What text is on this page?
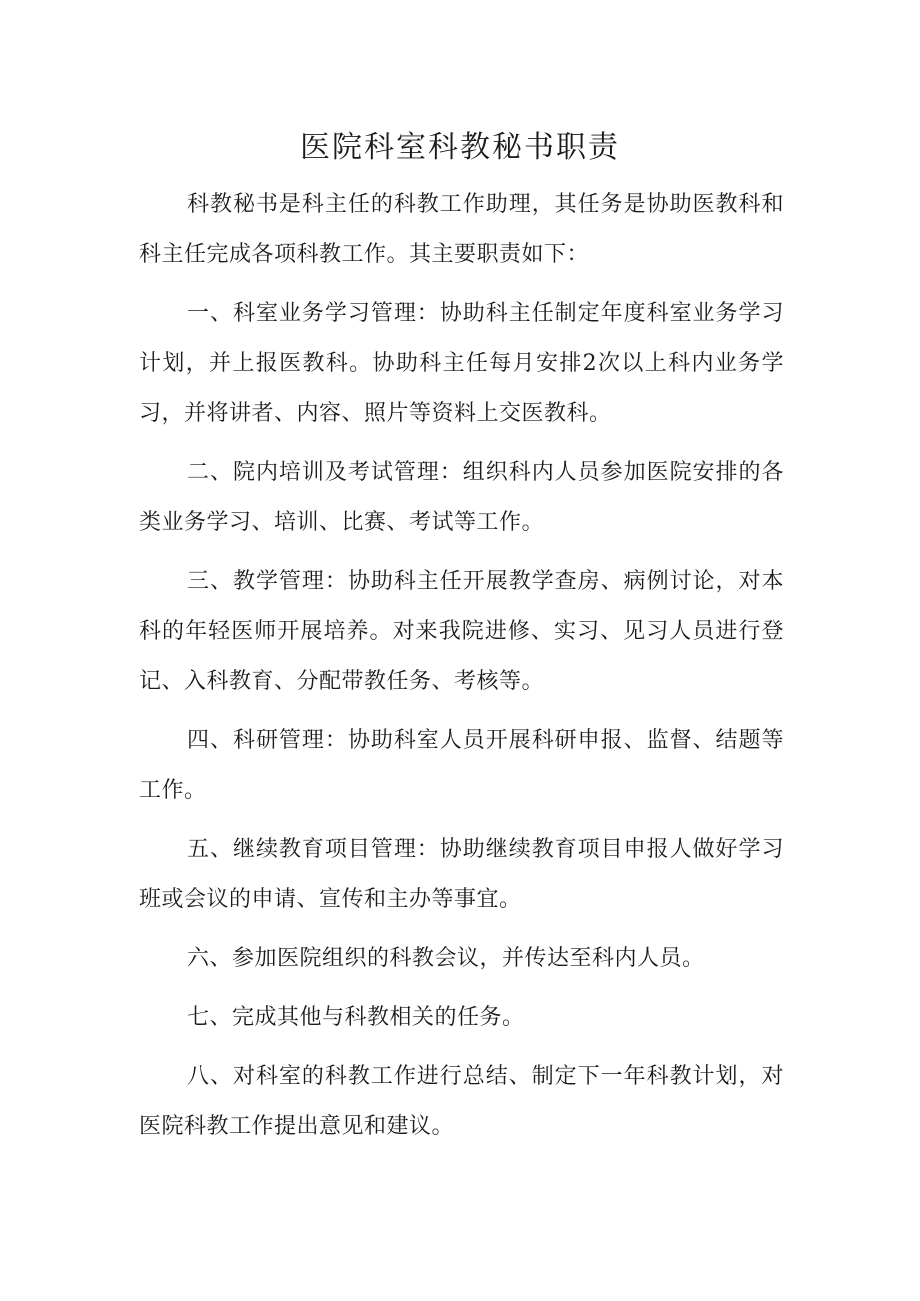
医院科室科教秘书职责

科教秘书是科主任的科教工作助理，其任务是协助医教科和科主任完成各项科教工作。其主要职责如下：

一、科室业务学习管理：协助科主任制定年度科室业务学习计划，并上报医教科。协助科主任每月安排2次以上科内业务学习，并将讲者、内容、照片等资料上交医教科。

二、院内培训及考试管理：组织科内人员参加医院安排的各类业务学习、培训、比赛、考试等工作。

三、教学管理：协助科主任开展教学查房、病例讨论，对本科的年轻医师开展培养。对来我院进修、实习、见习人员进行登记、入科教育、分配带教任务、考核等。

四、科研管理：协助科室人员开展科研申报、监督、结题等工作。

五、继续教育项目管理：协助继续教育项目申报人做好学习班或会议的申请、宣传和主办等事宜。

六、参加医院组织的科教会议，并传达至科内人员。

七、完成其他与科教相关的任务。

八、对科室的科教工作进行总结、制定下一年科教计划，对医院科教工作提出意见和建议。
